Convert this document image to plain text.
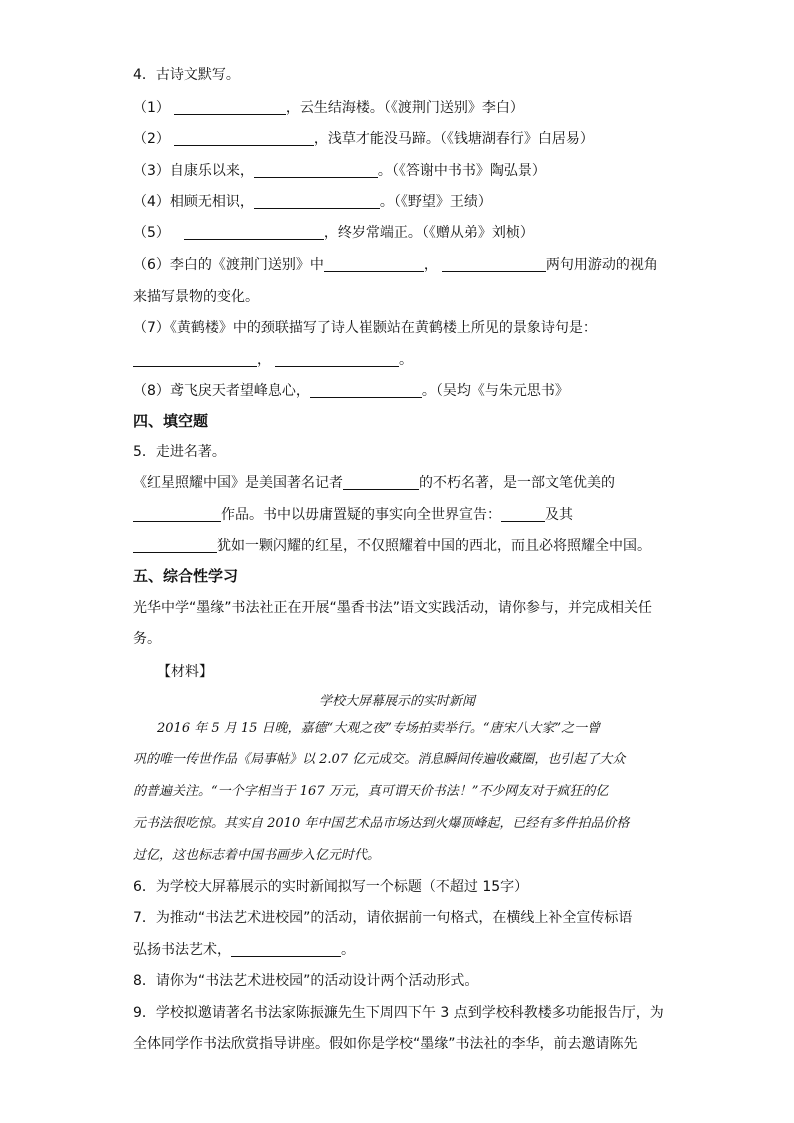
4．古诗文默写。
（1）	，云生结海楼。（《渡荆门送别》李白）
（2）	，浅草才能没马蹄。（《钱塘湖春行》白居易）
（3）自康乐以来，	。（《答谢中书书》陶弘景）
（4）相顾无相识，	。（《野望》王绩）
（5）	，终岁常端正。（《赠从弟》刘桢）
（6）李白的《渡荆门送别》中	，	两句用游动的视角
来描写景物的变化。
（7）《黄鹤楼》中的颈联描写了诗人崔颢站在黄鹤楼上所见的景象诗句是：
，	。
（8）鸢飞戾天者望峰息心，	。（吴均《与朱元思书》
四、填空题
5．走进名著。
《红星照耀中国》是美国著名记者	的不朽名著，是一部文笔优美的
作品。书中以毋庸置疑的事实向全世界宣告：	及其
犹如一颗闪耀的红星，不仅照耀着中国的西北，而且必将照耀全中国。
五、综合性学习
光华中学“墨缘”书法社正在开展“墨香书法”语文实践活动，请你参与，并完成相关任
务。
【材料】
学校大屏幕展示的实时新闻
2016 年 5 月 15 日晚，嘉德“大观之夜”专场拍卖举行。“唐宋八大家”之一曾
巩的唯一传世作品《局事帖》以 2.07 亿元成交。消息瞬间传遍收藏圈，也引起了大众
的普遍关注。“一个字相当于 167 万元，真可谓天价书法！”不少网友对于疯狂的亿
元书法很吃惊。其实自 2010 年中国艺术品市场达到火爆顶峰起，已经有多件拍品价格
过亿，这也标志着中国书画步入亿元时代。
6．为学校大屏幕展示的实时新闻拟写一个标题（不超过 15字）
7．为推动“书法艺术进校园”的活动，请依据前一句格式，在横线上补全宣传标语
弘扬书法艺术，	。
8．请你为“书法艺术进校园”的活动设计两个活动形式。
9．学校拟邀请著名书法家陈振濂先生下周四下午 3 点到学校科教楼多功能报告厅，为
全体同学作书法欣赏指导讲座。假如你是学校“墨缘”书法社的李华，前去邀请陈先
